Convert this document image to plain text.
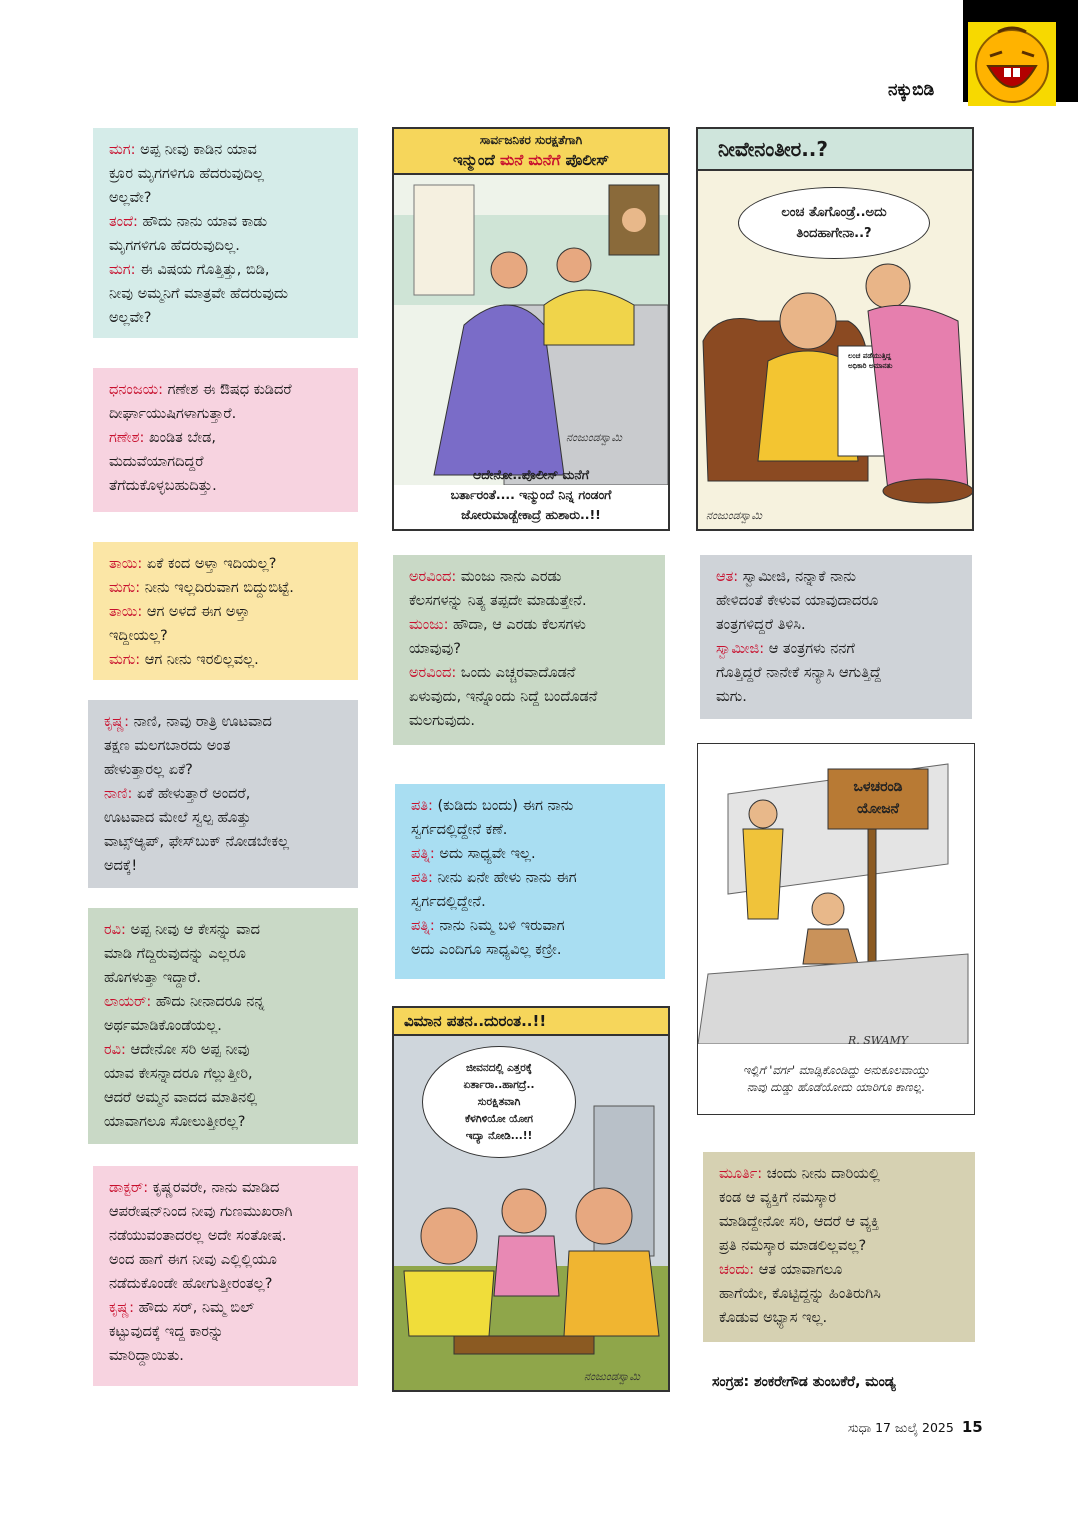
ನಕ್ಕುಬಿಡಿ
ಮಗ: ಅಪ್ಪ ನೀವು ಕಾಡಿನ ಯಾವ
ಕ್ರೂರ ಮೃಗಗಳಿಗೂ ಹೆದರುವುದಿಲ್ಲ
ಅಲ್ಲವೇ?
ತಂದೆ: ಹೌದು ನಾನು ಯಾವ ಕಾಡು
ಮೃಗಗಳಿಗೂ ಹೆದರುವುದಿಲ್ಲ.
ಮಗ: ಈ ವಿಷಯ ಗೊತ್ತಿತ್ತು, ಬಿಡಿ,
ನೀವು ಅಮ್ಮನಿಗೆ ಮಾತ್ರವೇ ಹೆದರುವುದು
ಅಲ್ಲವೇ?
ಧನಂಜಯ: ಗಣೇಶ ಈ ಔಷಧ ಕುಡಿದರೆ
ದೀರ್ಘಾಯುಷಿಗಳಾಗುತ್ತಾರೆ.
ಗಣೇಶ: ಖಂಡಿತ ಬೇಡ,
ಮದುವೆಯಾಗದಿದ್ದರೆ
ತೆಗೆದುಕೊಳ್ಳಬಹುದಿತ್ತು.
ತಾಯಿ: ಏಕೆ ಕಂದ ಅಳ್ತಾ ಇದಿಯಲ್ಲ?
ಮಗು: ನೀನು ಇಲ್ಲದಿರುವಾಗ ಬಿದ್ದುಬಿಟ್ಟೆ.
ತಾಯಿ: ಆಗ ಅಳದೆ ಈಗ ಅಳ್ತಾ
ಇದ್ದೀಯಲ್ಲ?
ಮಗು: ಆಗ ನೀನು ಇರಲಿಲ್ಲವಲ್ಲ.
ಕೃಷ್ಣ: ನಾಣಿ, ನಾವು ರಾತ್ರಿ ಊಟವಾದ
ತಕ್ಷಣ ಮಲಗಬಾರದು ಅಂತ
ಹೇಳುತ್ತಾರಲ್ಲ ಏಕೆ?
ನಾಣಿ: ಏಕೆ ಹೇಳುತ್ತಾರೆ ಅಂದರೆ,
ಊಟವಾದ ಮೇಲೆ ಸ್ವಲ್ಪ ಹೊತ್ತು
ವಾಟ್ಸ್‌ಆ್ಯಪ್, ಫೇಸ್‌ಬುಕ್ ನೋಡಬೇಕಲ್ಲ
ಅದಕ್ಕೆ!
ರವಿ: ಅಪ್ಪ ನೀವು ಆ ಕೇಸನ್ನು ವಾದ
ಮಾಡಿ ಗೆದ್ದಿರುವುದನ್ನು ಎಲ್ಲರೂ
ಹೊಗಳುತ್ತಾ ಇದ್ದಾರೆ.
ಲಾಯರ್: ಹೌದು ನೀನಾದರೂ ನನ್ನ
ಅರ್ಥಮಾಡಿಕೊಂಡೆಯಲ್ಲ.
ರವಿ: ಆದೇನೋ ಸರಿ ಅಪ್ಪ ನೀವು
ಯಾವ ಕೇಸನ್ನಾದರೂ ಗೆಲ್ಲುತ್ತೀರಿ,
ಆದರೆ ಅಮ್ಮನ ವಾದದ ಮಾತಿನಲ್ಲಿ
ಯಾವಾಗಲೂ ಸೋಲುತ್ತೀರಲ್ಲ?
ಡಾಕ್ಟರ್: ಕೃಷ್ಣರವರೇ, ನಾನು ಮಾಡಿದ
ಆಪರೇಷನ್‌ನಿಂದ ನೀವು ಗುಣಮುಖರಾಗಿ
ನಡೆಯುವಂತಾದರಲ್ಲ ಅದೇ ಸಂತೋಷ.
ಅಂದ ಹಾಗೆ ಈಗ ನೀವು ಎಲ್ಲಿಲ್ಲಿಯೂ
ನಡೆದುಕೊಂಡೇ ಹೋಗುತ್ತೀರಂತಲ್ಲ?
ಕೃಷ್ಣ: ಹೌದು ಸರ್, ನಿಮ್ಮ ಬಿಲ್
ಕಟ್ಟುವುದಕ್ಕೆ ಇದ್ದ ಕಾರನ್ನು
ಮಾರಿದ್ದಾಯಿತು.
ಅರವಿಂದ: ಮಂಜು ನಾನು ಎರಡು
ಕೆಲಸಗಳನ್ನು ನಿತ್ಯ ತಪ್ಪದೇ ಮಾಡುತ್ತೇನೆ.
ಮಂಜು: ಹೌದಾ, ಆ ಎರಡು ಕೆಲಸಗಳು
ಯಾವುವು?
ಅರವಿಂದ: ಒಂದು ಎಚ್ಚರವಾದೊಡನೆ
ಏಳುವುದು, ಇನ್ನೊಂದು ನಿದ್ದೆ ಬಂದೊಡನೆ
ಮಲಗುವುದು.
ಪತಿ: (ಕುಡಿದು ಬಂದು) ಈಗ ನಾನು
ಸ್ವರ್ಗದಲ್ಲಿದ್ದೇನೆ ಕಣೆ.
ಪತ್ನಿ: ಅದು ಸಾಧ್ಯವೇ ಇಲ್ಲ.
ಪತಿ: ನೀನು ಏನೇ ಹೇಳು ನಾನು ಈಗ
ಸ್ವರ್ಗದಲ್ಲಿದ್ದೇನೆ.
ಪತ್ನಿ: ನಾನು ನಿಮ್ಮ ಬಳಿ ಇರುವಾಗ
ಅದು ಎಂದಿಗೂ ಸಾಧ್ಯವಿಲ್ಲ ಕಣ್ರೀ.
ಆತ: ಸ್ವಾಮೀಜಿ, ನನ್ನಾಕೆ ನಾನು
ಹೇಳಿದಂತೆ ಕೇಳುವ ಯಾವುದಾದರೂ
ತಂತ್ರಗಳಿದ್ದರೆ ತಿಳಿಸಿ.
ಸ್ವಾಮೀಜಿ: ಆ ತಂತ್ರಗಳು ನನಗೆ
ಗೊತ್ತಿದ್ದರೆ ನಾನೇಕೆ ಸನ್ಯಾಸಿ ಆಗುತ್ತಿದ್ದೆ
ಮಗು.
ಮೂರ್ತಿ: ಚಂದು ನೀನು ದಾರಿಯಲ್ಲಿ
ಕಂಡ ಆ ವ್ಯಕ್ತಿಗೆ ನಮಸ್ಕಾರ
ಮಾಡಿದ್ದೇನೋ ಸರಿ, ಆದರೆ ಆ ವ್ಯಕ್ತಿ
ಪ್ರತಿ ನಮಸ್ಕಾರ ಮಾಡಲಿಲ್ಲವಲ್ಲ?
ಚಂದು: ಆತ ಯಾವಾಗಲೂ
ಹಾಗೆಯೇ, ಕೊಟ್ಟಿದ್ದನ್ನು ಹಿಂತಿರುಗಿಸಿ
ಕೊಡುವ ಅಭ್ಯಾಸ ಇಲ್ಲ.
ಸಾರ್ವಜನಿಕರ ಸುರಕ್ಷತೆಗಾಗಿ
ಇನ್ಮುಂದೆ ಮನೆ ಮನೆಗೆ ಪೊಲೀಸ್
ನಂಜುಂಡಸ್ವಾಮಿ
ಆದೇನೋ..ಪೊಲೀಸ್ ಮನೆಗೆ
ಬರ್ತಾರಂತೆ.... ಇನ್ಮುಂದೆ ನಿನ್ನ ಗಂಡಂಗೆ
ಜೋರುಮಾಡ್ಬೇಕಾದ್ರೆ ಹುಶಾರು..!!
ನೀವೇನಂತೀರ..?
ಲಂಚ ತೊಗೊಂಡ್ರೆ..ಅದು
ತಿಂದಹಾಗೇನಾ..?
ಲಂಚ ಪಡೆಯುತ್ತಿದ್ದ ಅಧಿಕಾರಿ ಅಮಾನತು
ನಂಜುಂಡಸ್ವಾಮಿ
ಒಳಚರಂಡಿ
ಯೋಜನೆ
R. SWAMY
ಇಲ್ಲಿಗೆ 'ವರ್ಗ' ಮಾಡ್ಸಿಕೊಂಡಿದ್ದು ಅನುಕೂಲವಾಯ್ತು
ನಾವು ದುಡ್ಡು ಹೊಡೆಯೋದು ಯಾರಿಗೂ ಕಾಣಲ್ಲ.
ವಿಮಾನ ಪತನ..ದುರಂತ..!!
ಜೀವನದಲ್ಲಿ ಎತ್ತರಕ್ಕೆ
ಏರ್ತಾರಾ..ಹಾಗದ್ರೆ..
ಸುರಕ್ಷಿತವಾಗಿ
ಕೆಳಗಿಳಿಯೋ ಯೋಗ
ಇದ್ಯಾ ನೋಡಿ...!!
ನಂಜುಂಡಸ್ವಾಮಿ	ಸಂಗ್ರಹ: ಶಂಕರೇಗೌಡ ತುಂಬಕೆರೆ, ಮಂಡ್ಯ
ಸುಧಾ 17 ಜುಲೈ 2025 15
